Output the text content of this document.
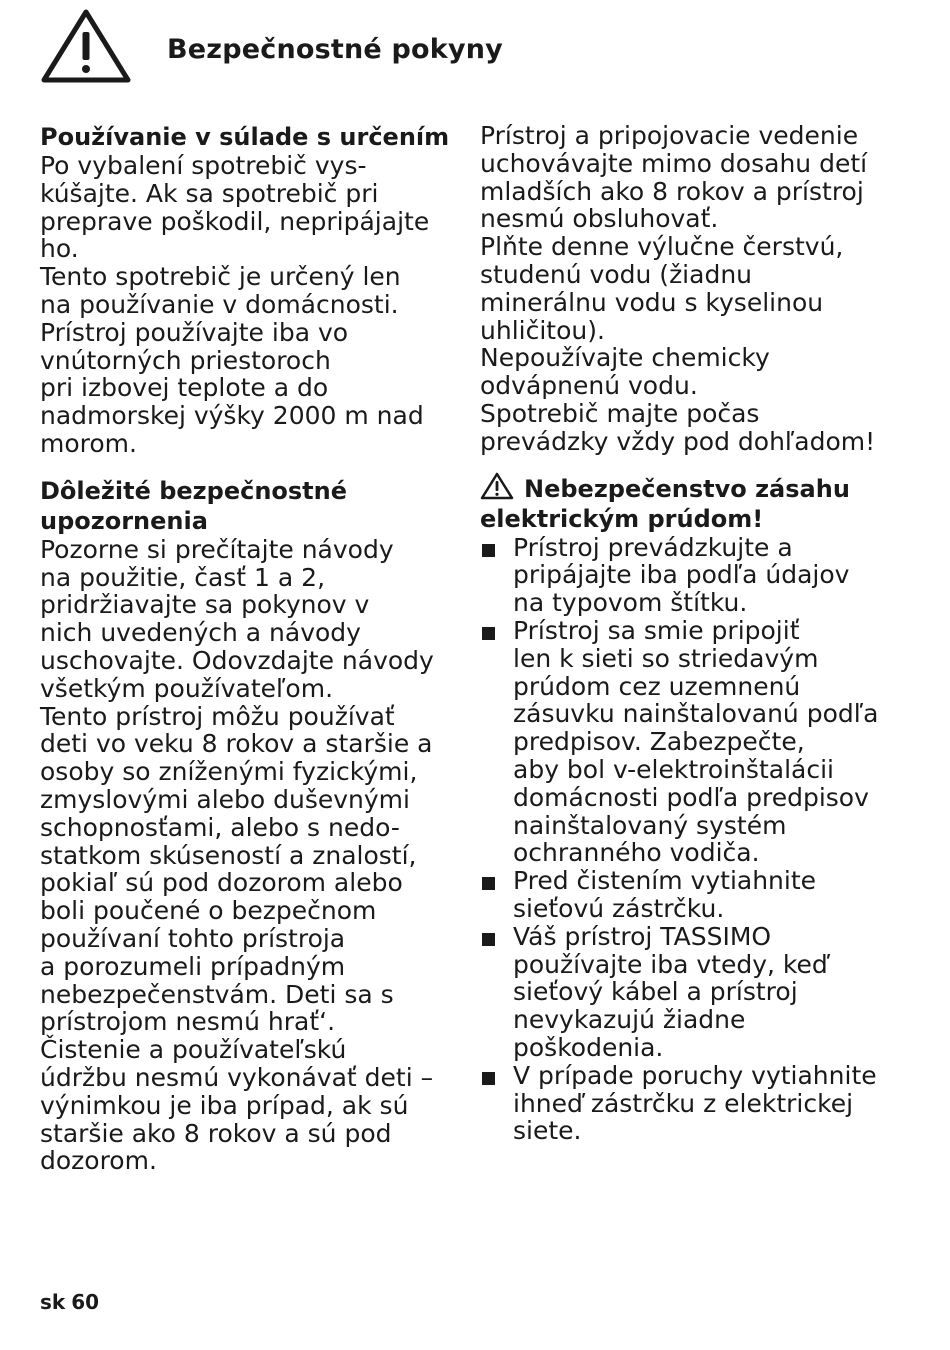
Bezpečnostné pokyny
Používanie v súlade s určením

Po vybalení spotrebič vys-

kúšajte. Ak sa spotrebič pri

preprave poškodil, nepripájajte

ho.

Tento spotrebič je určený len

na používanie v domácnosti.

Prístroj používajte iba vo

vnútorných priestoroch

pri izbovej teplote a do

nadmorskej výšky 2000 m nad

morom.

Dôležité bezpečnostné
upozornenia

Pozorne si prečítajte návody

na použitie, časť 1 a 2,

pridržiavajte sa pokynov v

nich uvedených a návody

uschovajte. Odovzdajte návody

všetkým používateľom.

Tento prístroj môžu používať

deti vo veku 8 rokov a staršie a

osoby so zníženými fyzickými,

zmyslovými alebo duševnými

schopnosťami, alebo s nedo-

statkom skúseností a znalostí,

pokiaľ sú pod dozorom alebo

boli poučené o bezpečnom

používaní tohto prístroja

a porozumeli prípadným

nebezpečenstvám. Deti sa s

prístrojom nesmú hrať‘.

Čistenie a používateľskú

údržbu nesmú vykonávať deti –

výnimkou je iba prípad, ak sú

staršie ako 8 rokov a sú pod

dozorom.

Prístroj a pripojovacie vedenie

uchovávajte mimo dosahu detí

mladších ako 8 rokov a prístroj

nesmú obsluhovať.

Plňte denne výlučne čerstvú,

studenú vodu (žiadnu

minerálnu vodu s kyselinou

uhličitou).

Nepoužívajte chemicky

odvápnenú vodu.

Spotrebič majte počas

prevádzky vždy pod dohľadom!

Nebezpečenstvo zásahu
elektrickým prúdom!
Prístroj prevádzkujte a
pripájajte iba podľa údajov
na typovom štítku.
Prístroj sa smie pripojiť
len k sieti so striedavým
prúdom cez uzemnenú
zásuvku nainštalovanú podľa
predpisov. Zabezpečte,
aby bol v-elektroinštalácii
domácnosti podľa predpisov
nainštalovaný systém
ochranného vodiča.
Pred čistením vytiahnite
sieťovú zástrčku.
Váš prístroj TASSIMO
používajte iba vtedy, keď
sieťový kábel a prístroj
nevykazujú žiadne
poškodenia.
V prípade poruchy vytiahnite
ihneď zástrčku z elektrickej
siete.
sk 60
